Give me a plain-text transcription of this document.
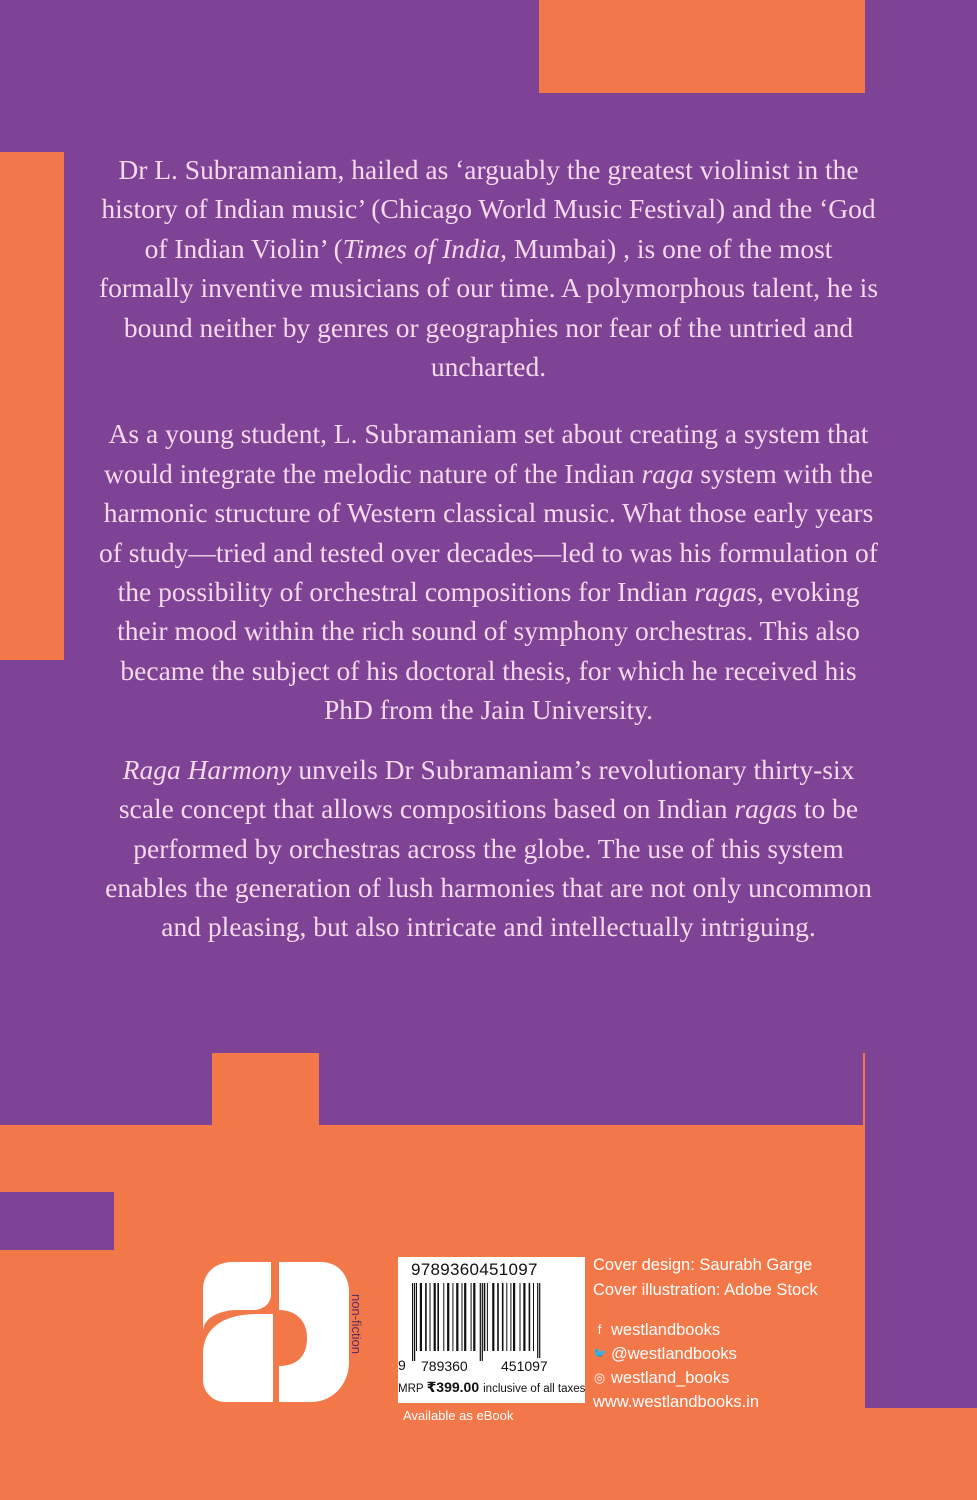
Dr L. Subramaniam, hailed as ‘arguably the greatest violinist in the history of Indian music’ (Chicago World Music Festival) and the ‘God of Indian Violin’ (Times of India, Mumbai) , is one of the most formally inventive musicians of our time. A polymorphous talent, he is bound neither by genres or geographies nor fear of the untried and uncharted.

As a young student, L. Subramaniam set about creating a system that would integrate the melodic nature of the Indian raga system with the harmonic structure of Western classical music. What those early years of study—tried and tested over decades—led to was his formulation of the possibility of orchestral compositions for Indian ragas, evoking their mood within the rich sound of symphony orchestras. This also became the subject of his doctoral thesis, for which he received his PhD from the Jain University.

Raga Harmony unveils Dr Subramaniam’s revolutionary thirty-six scale concept that allows compositions based on Indian ragas to be performed by orchestras across the globe. The use of this system enables the generation of lush harmonies that are not only uncommon and pleasing, but also intricate and intellectually intriguing.

non-fiction
9789360451097
9 789360 451097
MRP ₹399.00 inclusive of all taxes
Available as eBook
Cover design: Saurabh Garge
Cover illustration: Adobe Stock
f westlandbooks
🐦 @westlandbooks
◎ westland_books
www.westlandbooks.in
